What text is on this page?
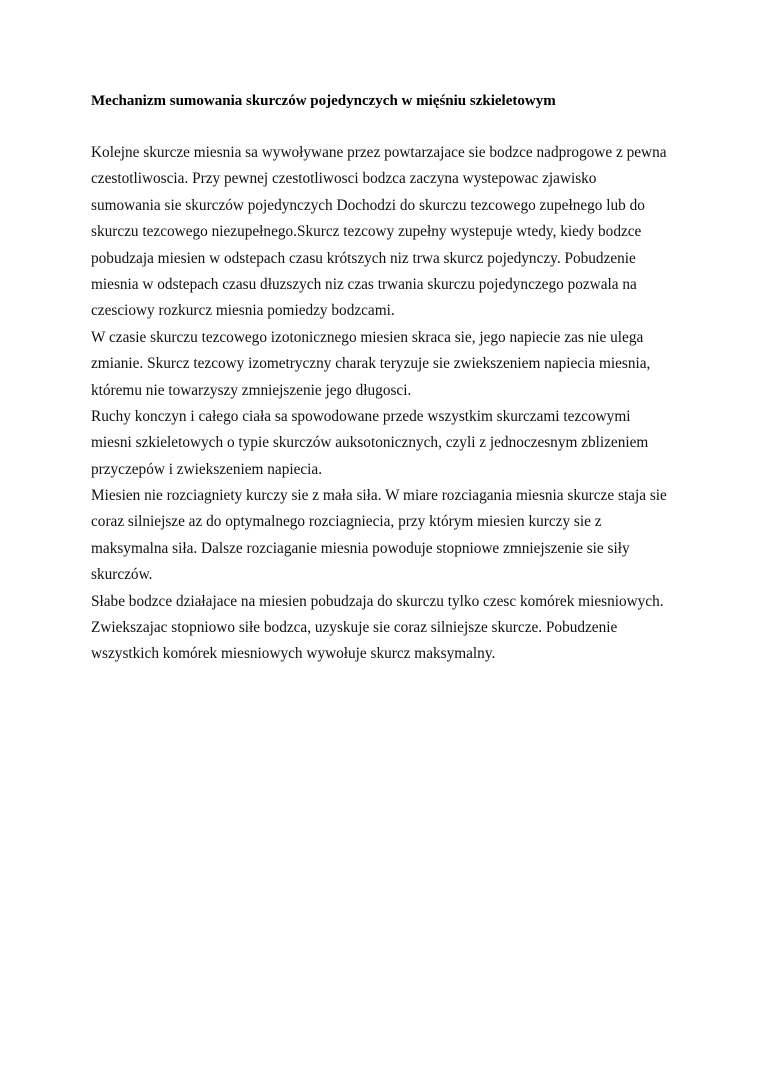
Mechanizm sumowania skurczów pojedynczych w mięśniu szkieletowym
Kolejne skurcze miesnia sa wywoływane przez powtarzajace sie bodzce nadprogowe z pewna
czestotliwoscia. Przy pewnej czestotliwosci bodzca zaczyna wystepowac zjawisko
sumowania sie skurczów pojedynczych Dochodzi do skurczu tezcowego zupełnego lub do
skurczu tezcowego niezupełnego.Skurcz tezcowy zupełny wystepuje wtedy, kiedy bodzce
pobudzaja miesien w odstepach czasu krótszych niz trwa skurcz pojedynczy. Pobudzenie
miesnia w odstepach czasu dłuzszych niz czas trwania skurczu pojedynczego pozwala na
czesciowy rozkurcz miesnia pomiedzy bodzcami.
W czasie skurczu tezcowego izotonicznego miesien skraca sie, jego napiecie zas nie ulega
zmianie. Skurcz tezcowy izometryczny charak teryzuje sie zwiekszeniem napiecia miesnia,
któremu nie towarzyszy zmniejszenie jego długosci.
Ruchy konczyn i całego ciała sa spowodowane przede wszystkim skurczami tezcowymi
miesni szkieletowych o typie skurczów auksotonicznych, czyli z jednoczesnym zblizeniem
przyczepów i zwiekszeniem napiecia.
Miesien nie rozciagniety kurczy sie z mała siła. W miare rozciagania miesnia skurcze staja sie
coraz silniejsze az do optymalnego rozciagniecia, przy którym miesien kurczy sie z
maksymalna siła. Dalsze rozciaganie miesnia powoduje stopniowe zmniejszenie sie siły
skurczów.
Słabe bodzce działajace na miesien pobudzaja do skurczu tylko czesc komórek miesniowych.
Zwiekszajac stopniowo siłe bodzca, uzyskuje sie coraz silniejsze skurcze. Pobudzenie
wszystkich komórek miesniowych wywołuje skurcz maksymalny.
